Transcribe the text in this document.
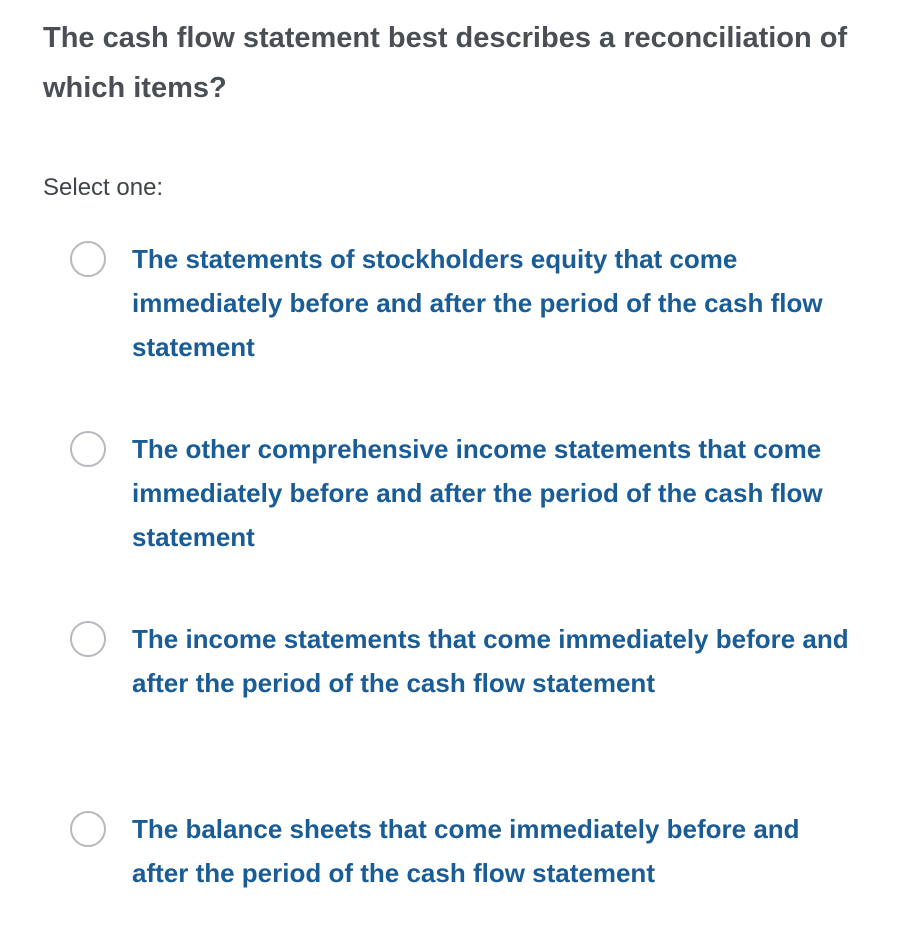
The cash flow statement best describes a reconciliation of which items?
Select one:
The statements of stockholders equity that come immediately before and after the period of the cash flow statement
The other comprehensive income statements that come immediately before and after the period of the cash flow statement
The income statements that come immediately before and after the period of the cash flow statement
The balance sheets that come immediately before and after the period of the cash flow statement
